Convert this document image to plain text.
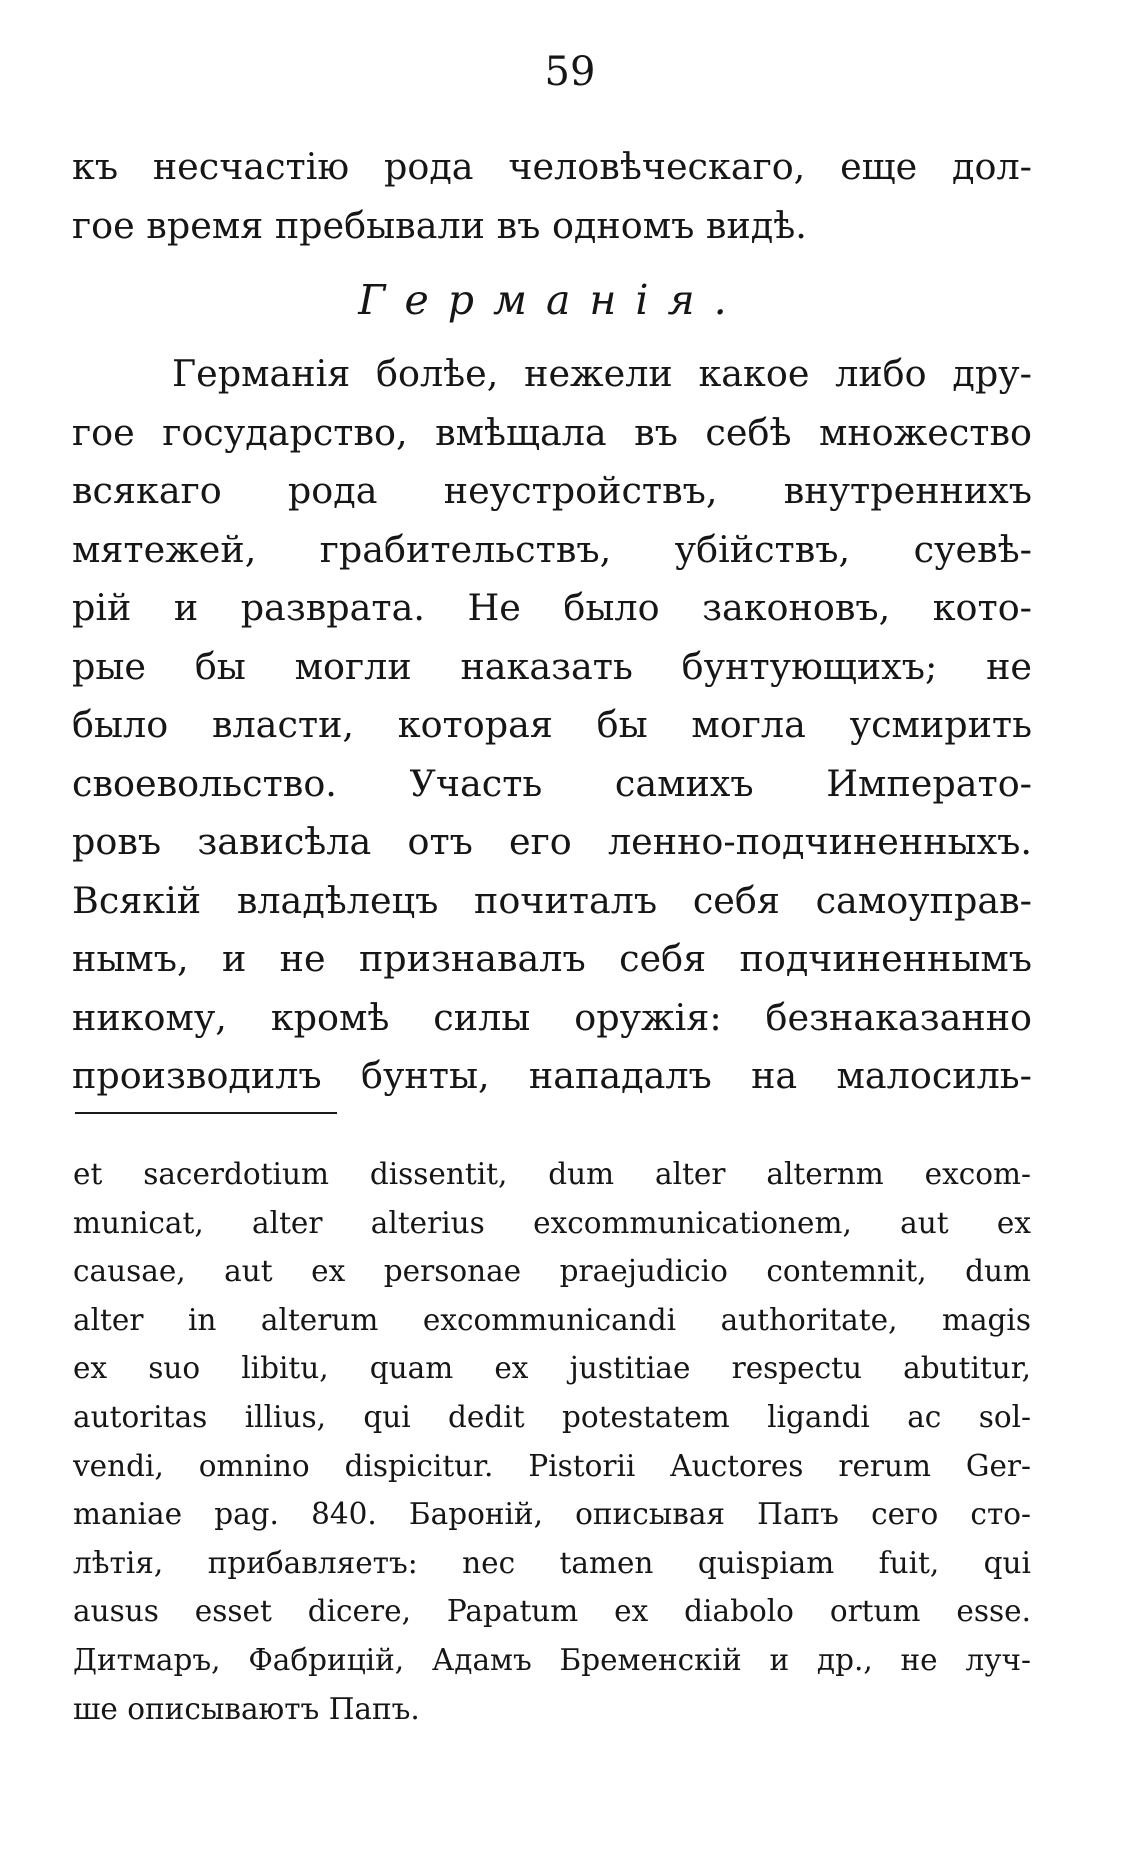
59
къ несчастію рода человѣческаго, еще дол-
гое время пребывали въ одномъ видѣ.
Германія.
Германія болѣе, нежели какое либо дру-
гое государство, вмѣщала въ себѣ множество
всякаго рода неустройствъ, внутреннихъ
мятежей, грабительствъ, убійствъ, суевѣ-
рій и разврата. Не было законовъ, кото-
рые бы могли наказать бунтующихъ; не
было власти, которая бы могла усмирить
своевольство. Участь самихъ Императо-
ровъ зависѣла отъ его ленно-подчиненныхъ.
Всякій владѣлецъ почиталъ себя самоуправ-
нымъ, и не признавалъ себя подчиненнымъ
никому, кромѣ силы оружія: безнаказанно
производилъ бунты, нападалъ на малосиль-
et sacerdotium dissentit, dum alter alternm excom-
municat, alter alterius excommunicationem, aut ex
causae, aut ex personae praejudicio contemnit, dum
alter in alterum excommunicandi authoritate, magis
ex suo libitu, quam ex justitiae respectu abutitur,
autoritas illius, qui dedit potestatem ligandi ac sol-
vendi, omnino dispicitur. Pistorii Auctores rerum Ger-
maniae pag. 840. Бароній, описывая Папъ сего сто-
лѣтія, прибавляетъ: nec tamen quispiam fuit, qui
ausus esset dicere, Papatum ex diabolo ortum esse.
Дитмаръ, Фабрицій, Адамъ Бременскій и др., не луч-
ше описываютъ Папъ.
